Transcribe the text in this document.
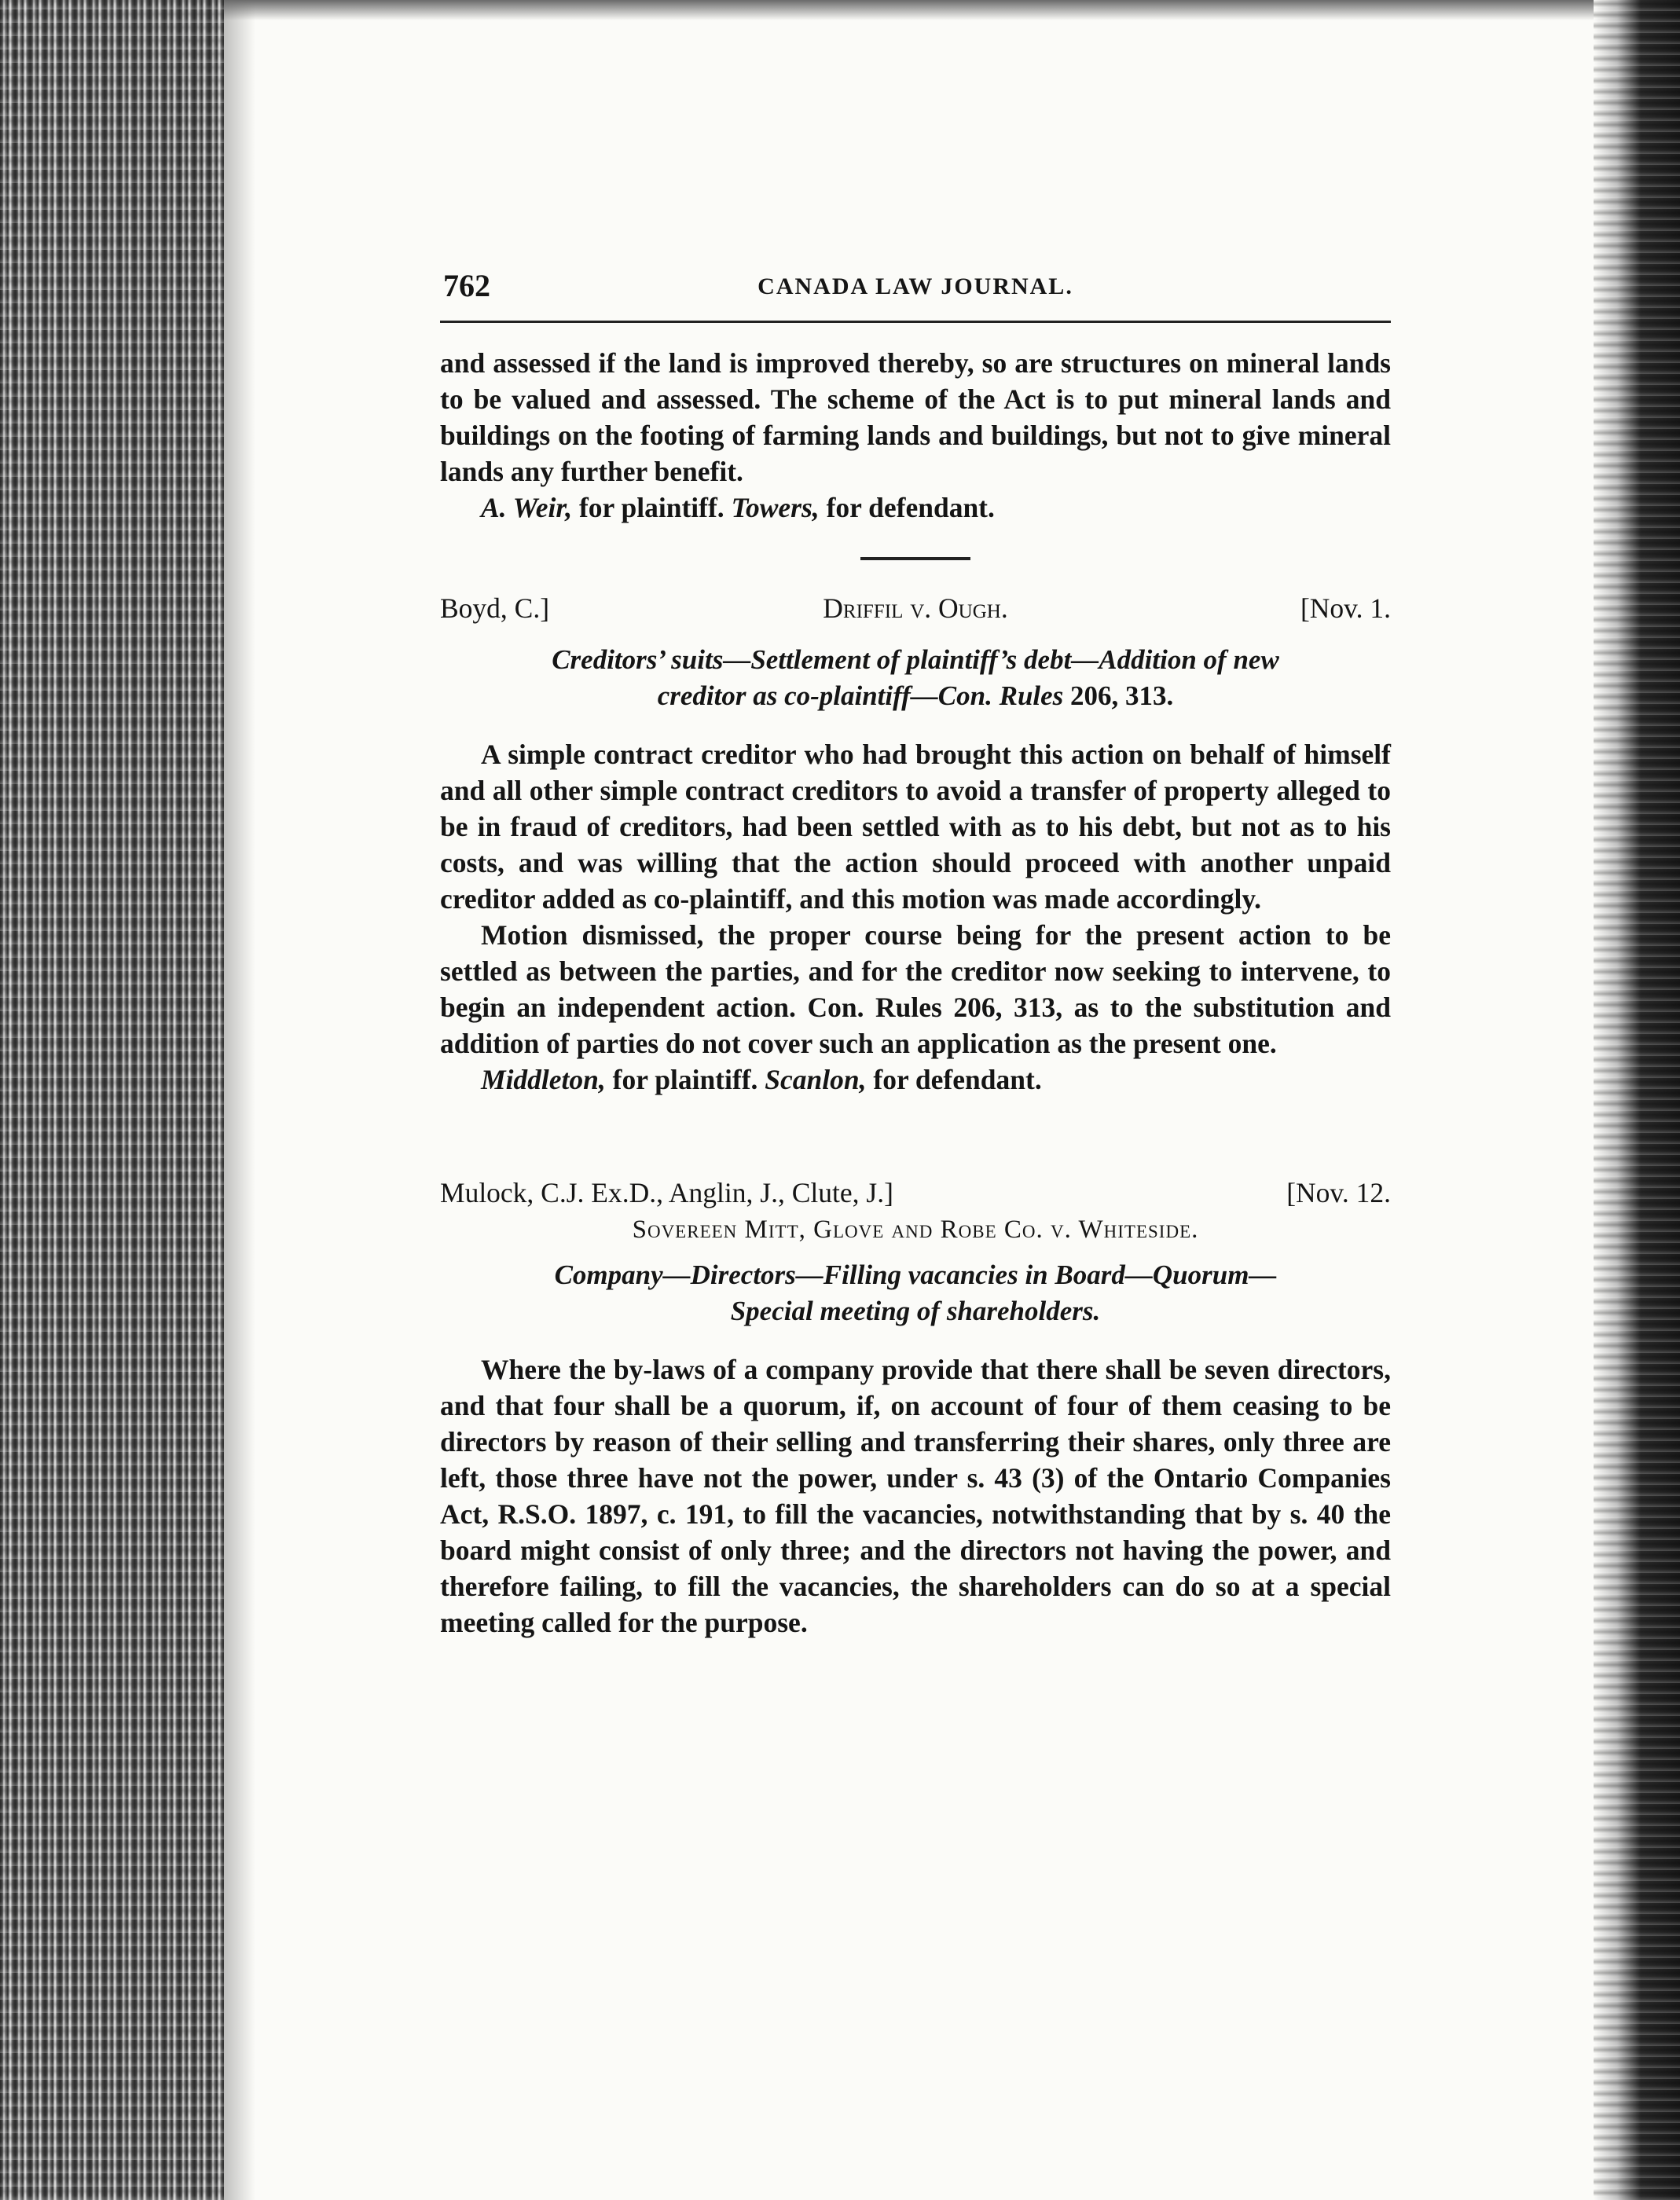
762	CANADA LAW JOURNAL.

and assessed if the land is improved thereby, so are structures on mineral lands to be valued and assessed. The scheme of the Act is to put mineral lands and buildings on the footing of farming lands and buildings, but not to give mineral lands any further benefit.

A. Weir, for plaintiff. Towers, for defendant.

Boyd, C.]	Driffil v. Ough.	[Nov. 1.
Creditors’ suits—Settlement of plaintiff’s debt—Addition of new
creditor as co-plaintiff—Con. Rules 206, 313.

A simple contract creditor who had brought this action on behalf of himself and all other simple contract creditors to avoid a transfer of property alleged to be in fraud of creditors, had been settled with as to his debt, but not as to his costs, and was willing that the action should proceed with another unpaid creditor added as co-plaintiff, and this motion was made accordingly.

Motion dismissed, the proper course being for the present action to be settled as between the parties, and for the creditor now seeking to intervene, to begin an independent action. Con. Rules 206, 313, as to the substitution and addition of parties do not cover such an application as the present one.

Middleton, for plaintiff. Scanlon, for defendant.

Mulock, C.J. Ex.D., Anglin, J., Clute, J.]	[Nov. 12.
Sovereen Mitt, Glove and Robe Co. v. Whiteside.
Company—Directors—Filling vacancies in Board—Quorum—
Special meeting of shareholders.

Where the by-laws of a company provide that there shall be seven directors, and that four shall be a quorum, if, on account of four of them ceasing to be directors by reason of their selling and transferring their shares, only three are left, those three have not the power, under s. 43 (3) of the Ontario Companies Act, R.S.O. 1897, c. 191, to fill the vacancies, notwithstanding that by s. 40 the board might consist of only three; and the directors not having the power, and therefore failing, to fill the vacancies, the shareholders can do so at a special meeting called for the purpose.
